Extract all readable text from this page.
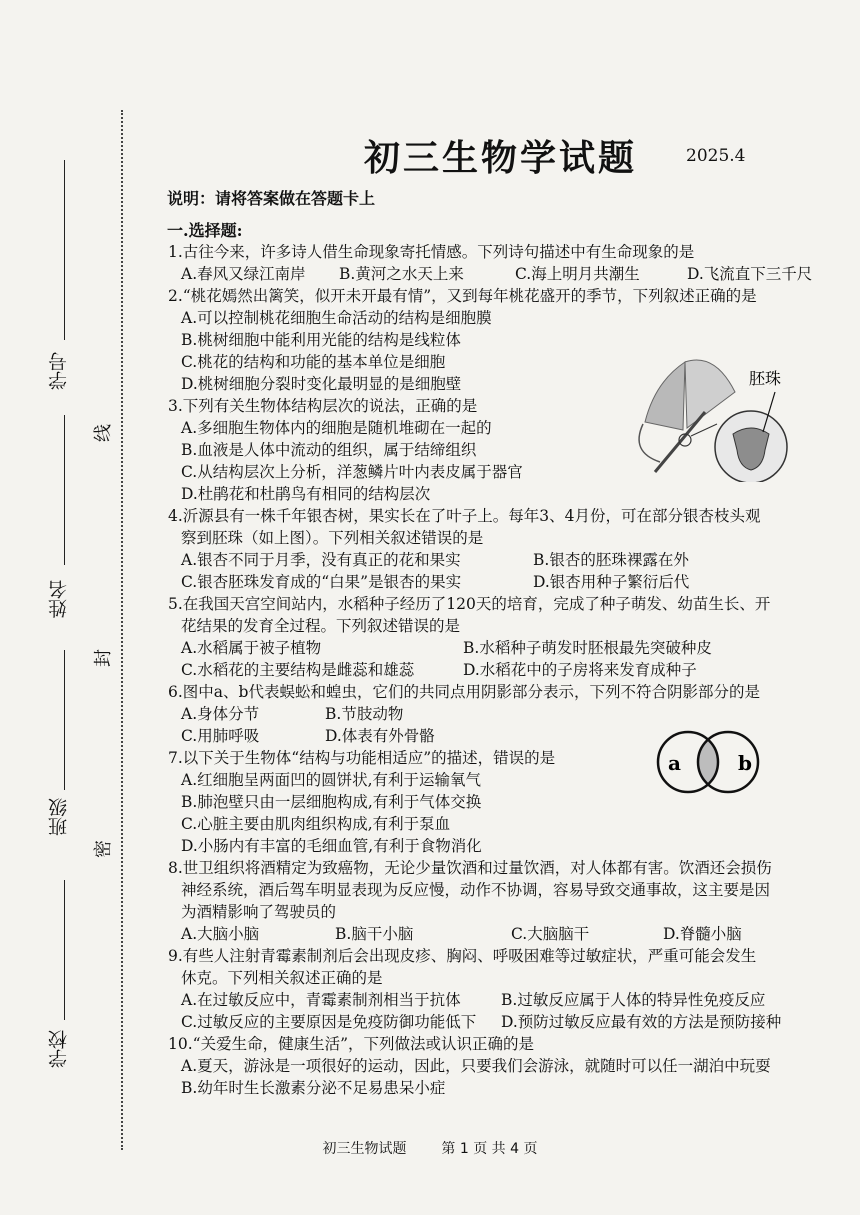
学号
姓名
班级
学校
线
封
密
初三生物学试题	2025.4
说明：请将答案做在答题卡上
一.选择题:
1.古往今来，许多诗人借生命现象寄托情感。下列诗句描述中有生命现象的是
A.春风又绿江南岸	B.黄河之水天上来	C.海上明月共潮生	D.飞流直下三千尺
2.“桃花嫣然出篱笑，似开未开最有情”，又到每年桃花盛开的季节，下列叙述正确的是
A.可以控制桃花细胞生命活动的结构是细胞膜
B.桃树细胞中能利用光能的结构是线粒体
C.桃花的结构和功能的基本单位是细胞
D.桃树细胞分裂时变化最明显的是细胞壁
3.下列有关生物体结构层次的说法，正确的是
A.多细胞生物体内的细胞是随机堆砌在一起的
B.血液是人体中流动的组织，属于结缔组织
C.从结构层次上分析，洋葱鳞片叶内表皮属于器官
D.杜鹃花和杜鹃鸟有相同的结构层次
4.沂源县有一株千年银杏树，果实长在了叶子上。每年3、4月份，可在部分银杏枝头观
察到胚珠（如上图）。下列相关叙述错误的是
A.银杏不同于月季，没有真正的花和果实	B.银杏的胚珠裸露在外
C.银杏胚珠发育成的“白果”是银杏的果实	D.银杏用种子繁衍后代
5.在我国天宫空间站内，水稻种子经历了120天的培育，完成了种子萌发、幼苗生长、开
花结果的发育全过程。下列叙述错误的是
A.水稻属于被子植物	B.水稻种子萌发时胚根最先突破种皮
C.水稻花的主要结构是雌蕊和雄蕊	D.水稻花中的子房将来发育成种子
6.图中a、b代表蜈蚣和蝗虫，它们的共同点用阴影部分表示，下列不符合阴影部分的是
A.身体分节	B.节肢动物
C.用肺呼吸	D.体表有外骨骼
7.以下关于生物体“结构与功能相适应”的描述，错误的是
A.红细胞呈两面凹的圆饼状,有利于运输氧气
B.肺泡壁只由一层细胞构成,有利于气体交换
C.心脏主要由肌肉组织构成,有利于泵血
D.小肠内有丰富的毛细血管,有利于食物消化
8.世卫组织将酒精定为致癌物，无论少量饮酒和过量饮酒，对人体都有害。饮酒还会损伤
神经系统，酒后驾车明显表现为反应慢，动作不协调，容易导致交通事故，这主要是因
为酒精影响了驾驶员的
A.大脑小脑	B.脑干小脑	C.大脑脑干	D.脊髓小脑
9.有些人注射青霉素制剂后会出现皮疹、胸闷、呼吸困难等过敏症状，严重可能会发生
休克。下列相关叙述正确的是
A.在过敏反应中，青霉素制剂相当于抗体	B.过敏反应属于人体的特异性免疫反应
C.过敏反应的主要原因是免疫防御功能低下	D.预防过敏反应最有效的方法是预防接种
10.“关爱生命，健康生活”，下列做法或认识正确的是
A.夏天，游泳是一项很好的运动，因此，只要我们会游泳，就随时可以任一湖泊中玩耍
B.幼年时生长激素分泌不足易患呆小症
胚珠
a	b
初三生物试题 第 1 页 共 4 页
